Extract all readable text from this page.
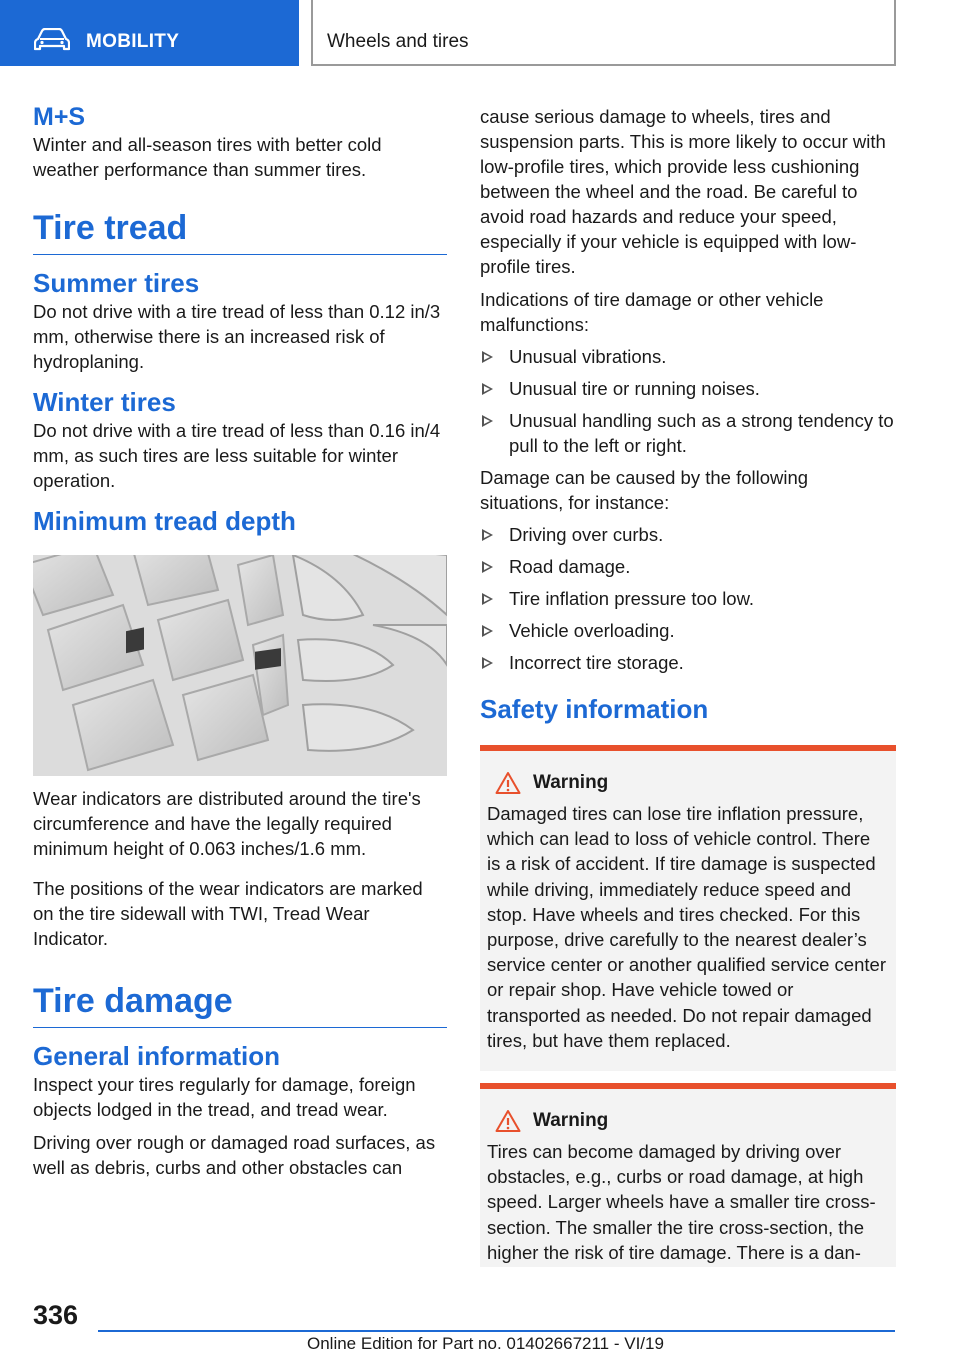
MOBILITY	Wheels and tires
M+S

Winter and all-season tires with better cold weather performance than summer tires.

Tire tread
Summer tires

Do not drive with a tire tread of less than 0.12 in/3 mm, otherwise there is an increased risk of hydroplaning.

Winter tires

Do not drive with a tire tread of less than 0.16 in/4 mm, as such tires are less suitable for winter operation.

Minimum tread depth

Wear indicators are distributed around the tire's circumference and have the legally required minimum height of 0.063 inches/1.6 mm.

The positions of the wear indicators are marked on the tire sidewall with TWI, Tread Wear Indicator.

Tire damage
General information

Inspect your tires regularly for damage, foreign objects lodged in the tread, and tread wear.

Driving over rough or damaged road surfaces, as well as debris, curbs and other obstacles can

cause serious damage to wheels, tires and suspension parts. This is more likely to occur with low-profile tires, which provide less cushioning between the wheel and the road. Be careful to avoid road hazards and reduce your speed, especially if your vehicle is equipped with low-profile tires.

Indications of tire damage or other vehicle malfunctions:

Unusual vibrations.
Unusual tire or running noises.
Unusual handling such as a strong tendency to pull to the left or right.

Damage can be caused by the following situations, for instance:

Driving over curbs.
Road damage.
Tire inflation pressure too low.
Vehicle overloading.
Incorrect tire storage.
Safety information
Warning

Damaged tires can lose tire inflation pressure, which can lead to loss of vehicle control. There is a risk of accident. If tire damage is suspected while driving, immediately reduce speed and stop. Have wheels and tires checked. For this purpose, drive carefully to the nearest dealer’s service center or another qualified service center or repair shop. Have vehicle towed or transported as needed. Do not repair damaged tires, but have them replaced.

Warning

Tires can become damaged by driving over obstacles, e.g., curbs or road damage, at high speed. Larger wheels have a smaller tire cross-section. The smaller the tire cross-section, the higher the risk of tire damage. There is a dan-

336
Online Edition for Part no. 01402667211 - VI/19
